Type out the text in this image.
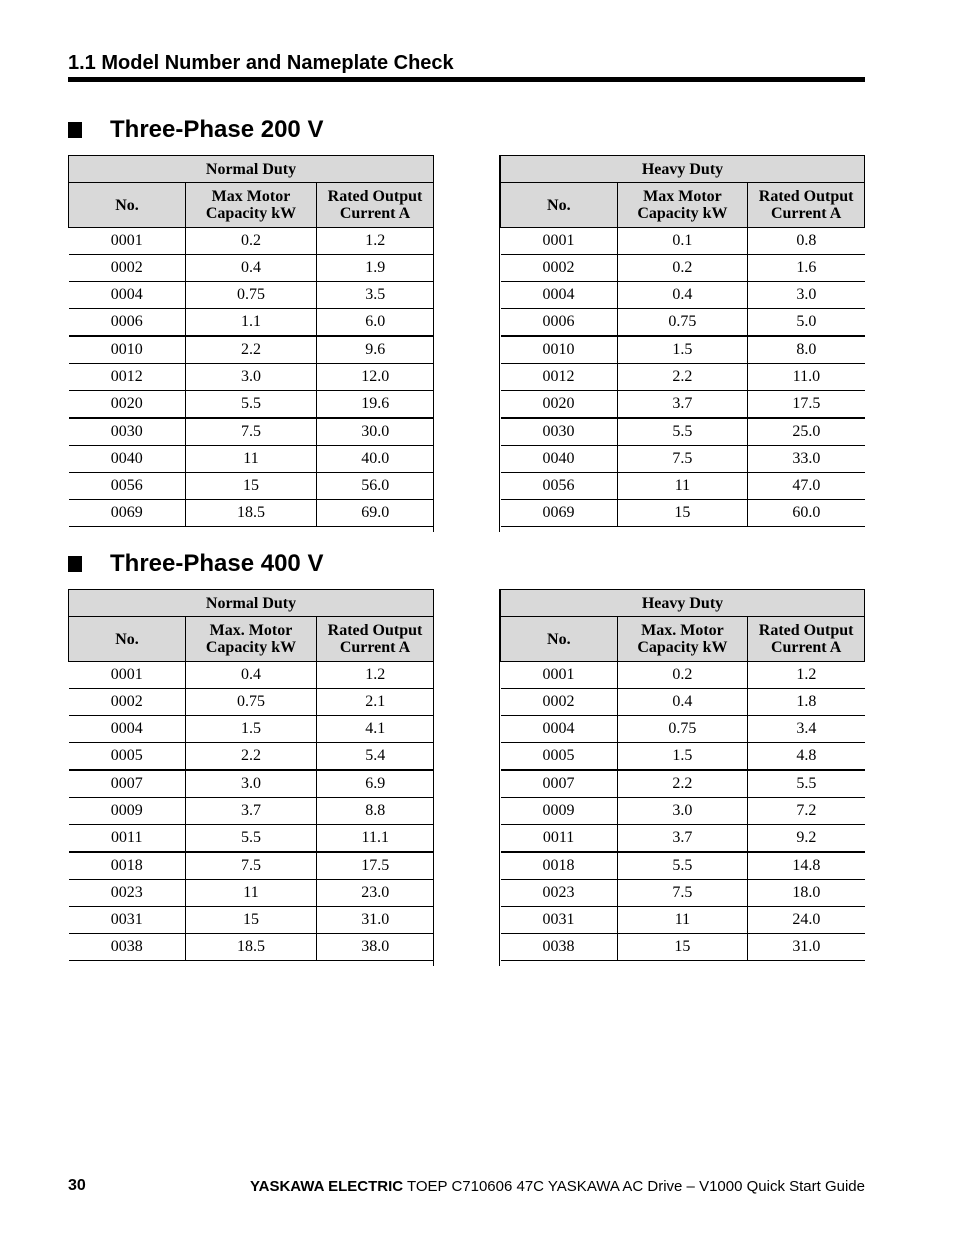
1.1 Model Number and Nameplate Check
Three-Phase 200 V
Normal Duty		
No.	Max Motor Capacity kW	Rated Output Current A
0001	0.2	1.2
0002	0.4	1.9
0004	0.75	3.5
0006	1.1	6.0
0010	2.2	9.6
0012	3.0	12.0
0020	5.5	19.6
0030	7.5	30.0
0040	11	40.0
0056	15	56.0
0069	18.5	69.0
Heavy Duty		
No.	Max Motor Capacity kW	Rated Output Current A
0001	0.1	0.8
0002	0.2	1.6
0004	0.4	3.0
0006	0.75	5.0
0010	1.5	8.0
0012	2.2	11.0
0020	3.7	17.5
0030	5.5	25.0
0040	7.5	33.0
0056	11	47.0
0069	15	60.0
Three-Phase 400 V
Normal Duty		
No.	Max. Motor Capacity kW	Rated Output Current A
0001	0.4	1.2
0002	0.75	2.1
0004	1.5	4.1
0005	2.2	5.4
0007	3.0	6.9
0009	3.7	8.8
0011	5.5	11.1
0018	7.5	17.5
0023	11	23.0
0031	15	31.0
0038	18.5	38.0
Heavy Duty		
No.	Max. Motor Capacity kW	Rated Output Current A
0001	0.2	1.2
0002	0.4	1.8
0004	0.75	3.4
0005	1.5	4.8
0007	2.2	5.5
0009	3.0	7.2
0011	3.7	9.2
0018	5.5	14.8
0023	7.5	18.0
0031	11	24.0
0038	15	31.0
30	YASKAWA ELECTRIC TOEP C710606 47C YASKAWA AC Drive – V1000 Quick Start Guide
